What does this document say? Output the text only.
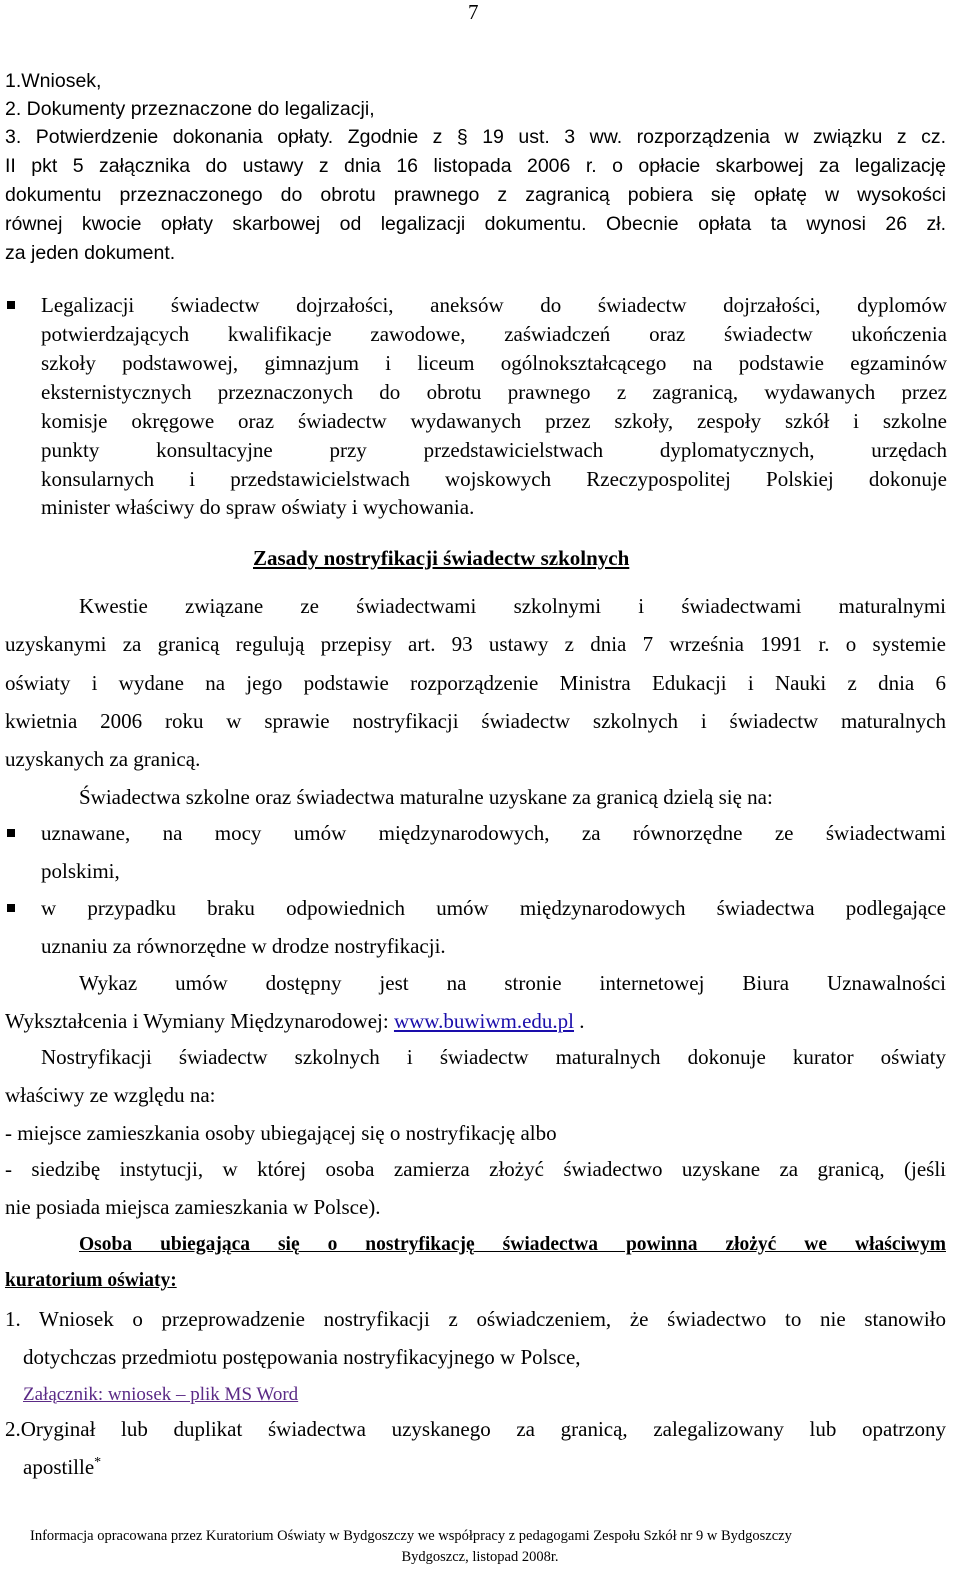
7
1.Wniosek,
2. Dokumenty przeznaczone do legalizacji,
3. Potwierdzenie dokonania opłaty. Zgodnie z § 19 ust. 3 ww. rozporządzenia w związku z cz.
II pkt 5 załącznika do ustawy z dnia 16 listopada 2006 r. o opłacie skarbowej za legalizację
dokumentu przeznaczonego do obrotu prawnego z zagranicą pobiera się opłatę w wysokości
równej kwocie opłaty skarbowej od legalizacji dokumentu. Obecnie opłata ta wynosi 26 zł.
za jeden dokument.
Legalizacji świadectw dojrzałości, aneksów do świadectw dojrzałości, dyplomów
potwierdzających kwalifikacje zawodowe, zaświadczeń oraz świadectw ukończenia
szkoły podstawowej, gimnazjum i liceum ogólnokształcącego na podstawie egzaminów
eksternistycznych przeznaczonych do obrotu prawnego z zagranicą, wydawanych przez
komisje okręgowe oraz świadectw wydawanych przez szkoły, zespoły szkół i szkolne
punkty konsultacyjne przy przedstawicielstwach dyplomatycznych, urzędach
konsularnych i przedstawicielstwach wojskowych Rzeczypospolitej Polskiej dokonuje
minister właściwy do spraw oświaty i wychowania.
Zasady nostryfikacji świadectw szkolnych
Kwestie związane ze świadectwami szkolnymi i świadectwami maturalnymi
uzyskanymi za granicą regulują przepisy art. 93 ustawy z dnia 7 września 1991 r. o systemie
oświaty i wydane na jego podstawie rozporządzenie Ministra Edukacji i Nauki z dnia 6
kwietnia 2006 roku w sprawie nostryfikacji świadectw szkolnych i świadectw maturalnych
uzyskanych za granicą.
Świadectwa szkolne oraz świadectwa maturalne uzyskane za granicą dzielą się na:
uznawane, na mocy umów międzynarodowych, za równorzędne ze świadectwami
polskimi,
w przypadku braku odpowiednich umów międzynarodowych świadectwa podlegające
uznaniu za równorzędne w drodze nostryfikacji.
Wykaz umów dostępny jest na stronie internetowej Biura Uznawalności
Wykształcenia i Wymiany Międzynarodowej: www.buwiwm.edu.pl .
Nostryfikacji świadectw szkolnych i świadectw maturalnych dokonuje kurator oświaty
właściwy ze względu na:
- miejsce zamieszkania osoby ubiegającej się o nostryfikację albo
- siedzibę instytucji, w której osoba zamierza złożyć świadectwo uzyskane za granicą, (jeśli
nie posiada miejsca zamieszkania w Polsce).
Osoba ubiegająca się o nostryfikację świadectwa powinna złożyć we właściwym
kuratorium oświaty:
1. Wniosek o przeprowadzenie nostryfikacji z oświadczeniem, że świadectwo to nie stanowiło
dotychczas przedmiotu postępowania nostryfikacyjnego w Polsce,
Załącznik: wniosek – plik MS Word
2.Oryginał lub duplikat świadectwa uzyskanego za granicą, zalegalizowany lub opatrzony
apostille*
Informacja opracowana przez Kuratorium Oświaty w Bydgoszczy we współpracy z pedagogami Zespołu Szkół nr 9 w Bydgoszczy
Bydgoszcz, listopad 2008r.
